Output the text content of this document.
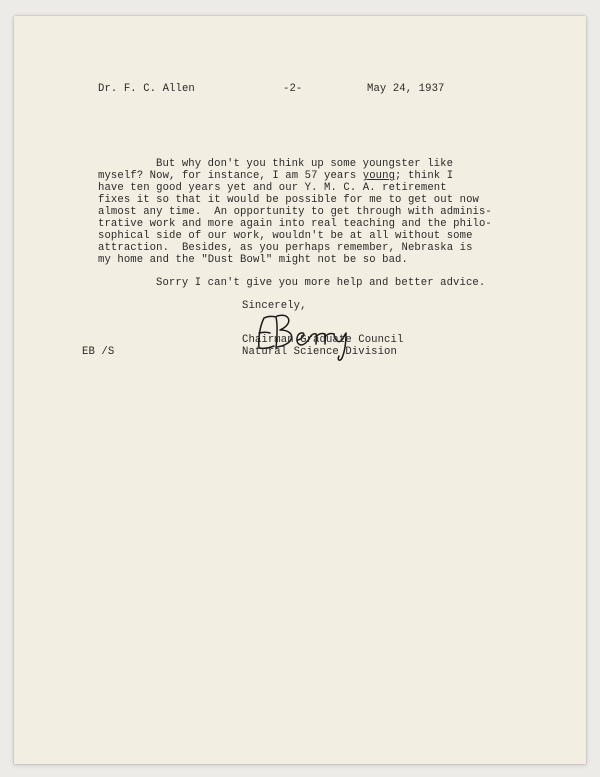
Dr. F. C. Allen	-2-	May 24, 1937
But why don't you think up some youngster like
myself? Now, for instance, I am 57 years young; think I
have ten good years yet and our Y. M. C. A. retirement
fixes it so that it would be possible for me to get out now
almost any time.  An opportunity to get through with adminis-
trative work and more again into real teaching and the philo-
sophical side of our work, wouldn't be at all without some
attraction.  Besides, as you perhaps remember, Nebraska is
my home and the "Dust Bowl" might not be so bad.
Sorry I can't give you more help and better advice.
Sincerely,
Chairman Graduate Council
Natural Science Division
EB /S
